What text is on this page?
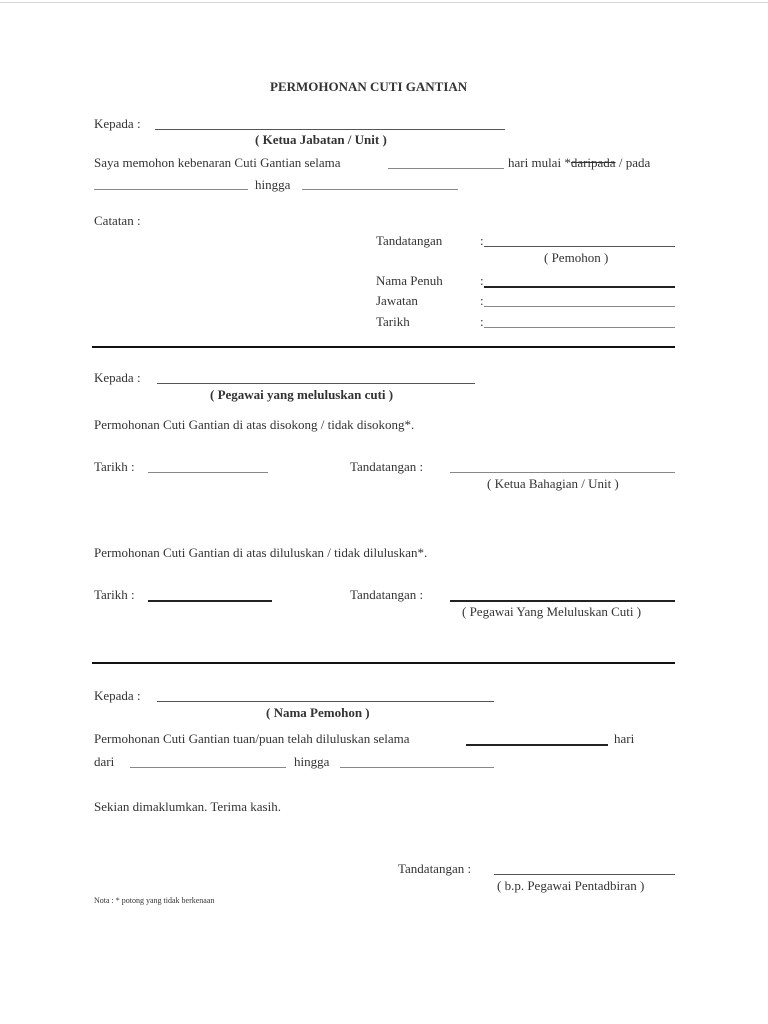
PERMOHONAN CUTI GANTIAN
Kepada :
( Ketua Jabatan / Unit )
Saya memohon kebenaran Cuti Gantian selama	hari mulai *daripada / pada
hingga
Catatan :
Tandatangan	:
( Pemohon )
Nama Penuh	:
Jawatan	:
Tarikh	:
Kepada :
( Pegawai yang meluluskan cuti )
Permohonan Cuti Gantian di atas disokong / tidak disokong*.
Tarikh :	Tandatangan :
( Ketua Bahagian / Unit )
Permohonan Cuti Gantian di atas diluluskan / tidak diluluskan*.
Tarikh :	Tandatangan :
( Pegawai Yang Meluluskan Cuti )
Kepada :
( Nama Pemohon )
Permohonan Cuti Gantian tuan/puan telah diluluskan selama	hari
dari	hingga
Sekian dimaklumkan. Terima kasih.
Tandatangan :
( b.p. Pegawai Pentadbiran )
Nota : * potong yang tidak berkenaan
